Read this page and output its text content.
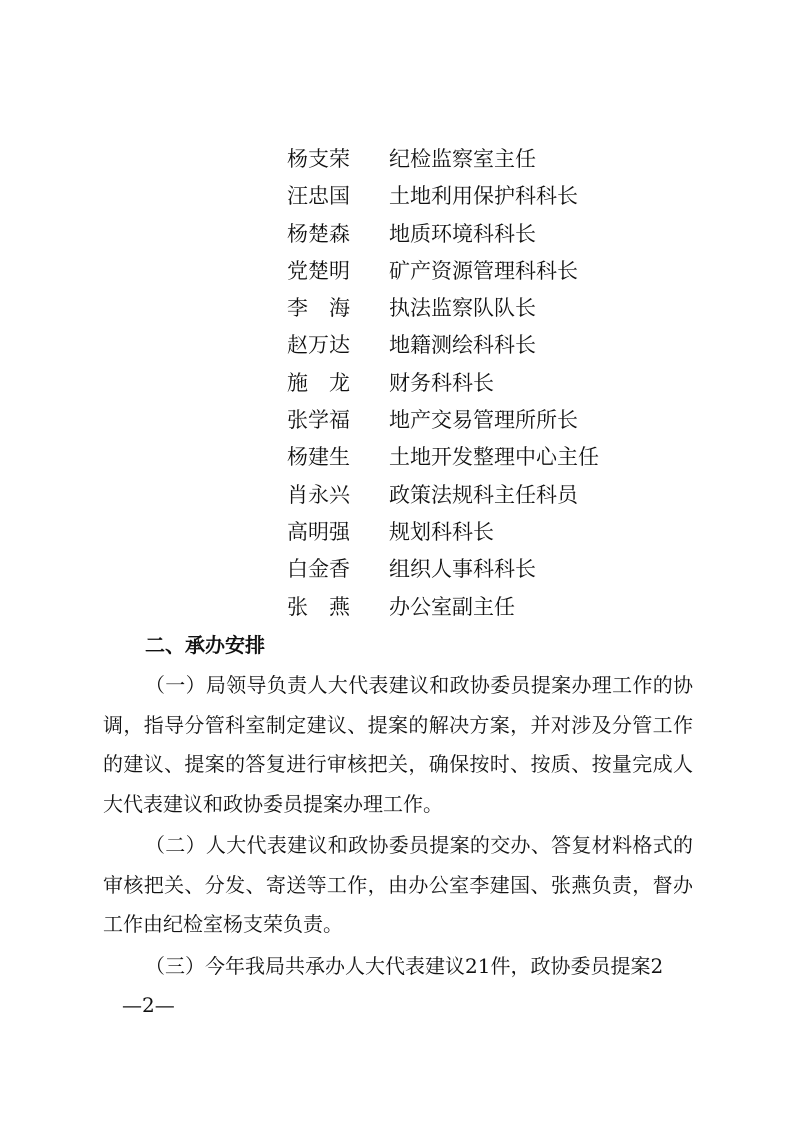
杨支荣	纪检监察室主任
汪忠国	土地利用保护科科长
杨楚森	地质环境科科长
党楚明	矿产资源管理科科长
李　海	执法监察队队长
赵万达	地籍测绘科科长
施　龙	财务科科长
张学福	地产交易管理所所长
杨建生	土地开发整理中心主任
肖永兴	政策法规科主任科员
高明强	规划科科长
白金香	组织人事科科长
张　燕	办公室副主任
二、承办安排

（一）局领导负责人大代表建议和政协委员提案办理工作的协调，指导分管科室制定建议、提案的解决方案，并对涉及分管工作的建议、提案的答复进行审核把关，确保按时、按质、按量完成人大代表建议和政协委员提案办理工作。

（二）人大代表建议和政协委员提案的交办、答复材料格式的审核把关、分发、寄送等工作，由办公室李建国、张燕负责，督办工作由纪检室杨支荣负责。

（三）今年我局共承办人大代表建议21件，政协委员提案2

—2—
